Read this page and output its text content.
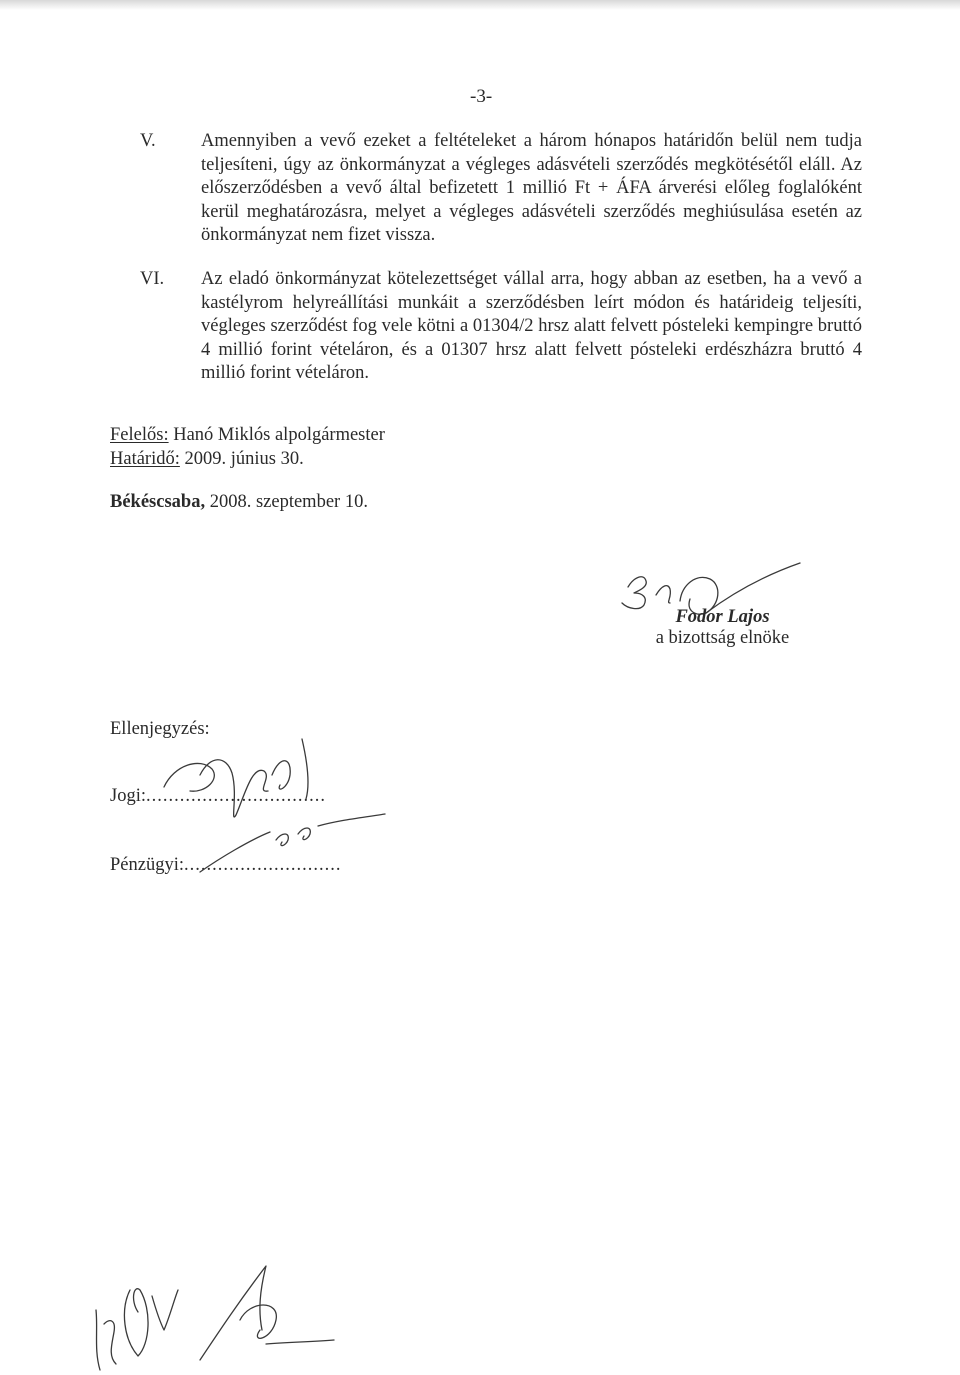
-3-
V. Amennyiben a vevő ezeket a feltételeket a három hónapos határidőn belül nem tudja teljesíteni, úgy az önkormányzat a végleges adásvételi szerződés megkötésétől eláll. Az előszerződésben a vevő által befizetett 1 millió Ft + ÁFA árverési előleg foglalóként kerül meghatározásra, melyet a végleges adásvételi szerződés meghiúsulása esetén az önkormányzat nem fizet vissza.
VI. Az eladó önkormányzat kötelezettséget vállal arra, hogy abban az esetben, ha a vevő a kastélyrom helyreállítási munkáit a szerződésben leírt módon és határideig teljesíti, végleges szerződést fog vele kötni a 01304/2 hrsz alatt felvett pósteleki kempingre bruttó 4 millió forint vételáron, és a 01307 hrsz alatt felvett pósteleki erdészházra bruttó 4 millió forint vételáron.
Felelős: Hanó Miklós alpolgármester
Határidő: 2009. június 30.
Békéscsaba, 2008. szeptember 10.
Fodor Lajos
a bizottság elnöke
Ellenjegyzés:
Jogi:................................
Pénzügyi:............................
